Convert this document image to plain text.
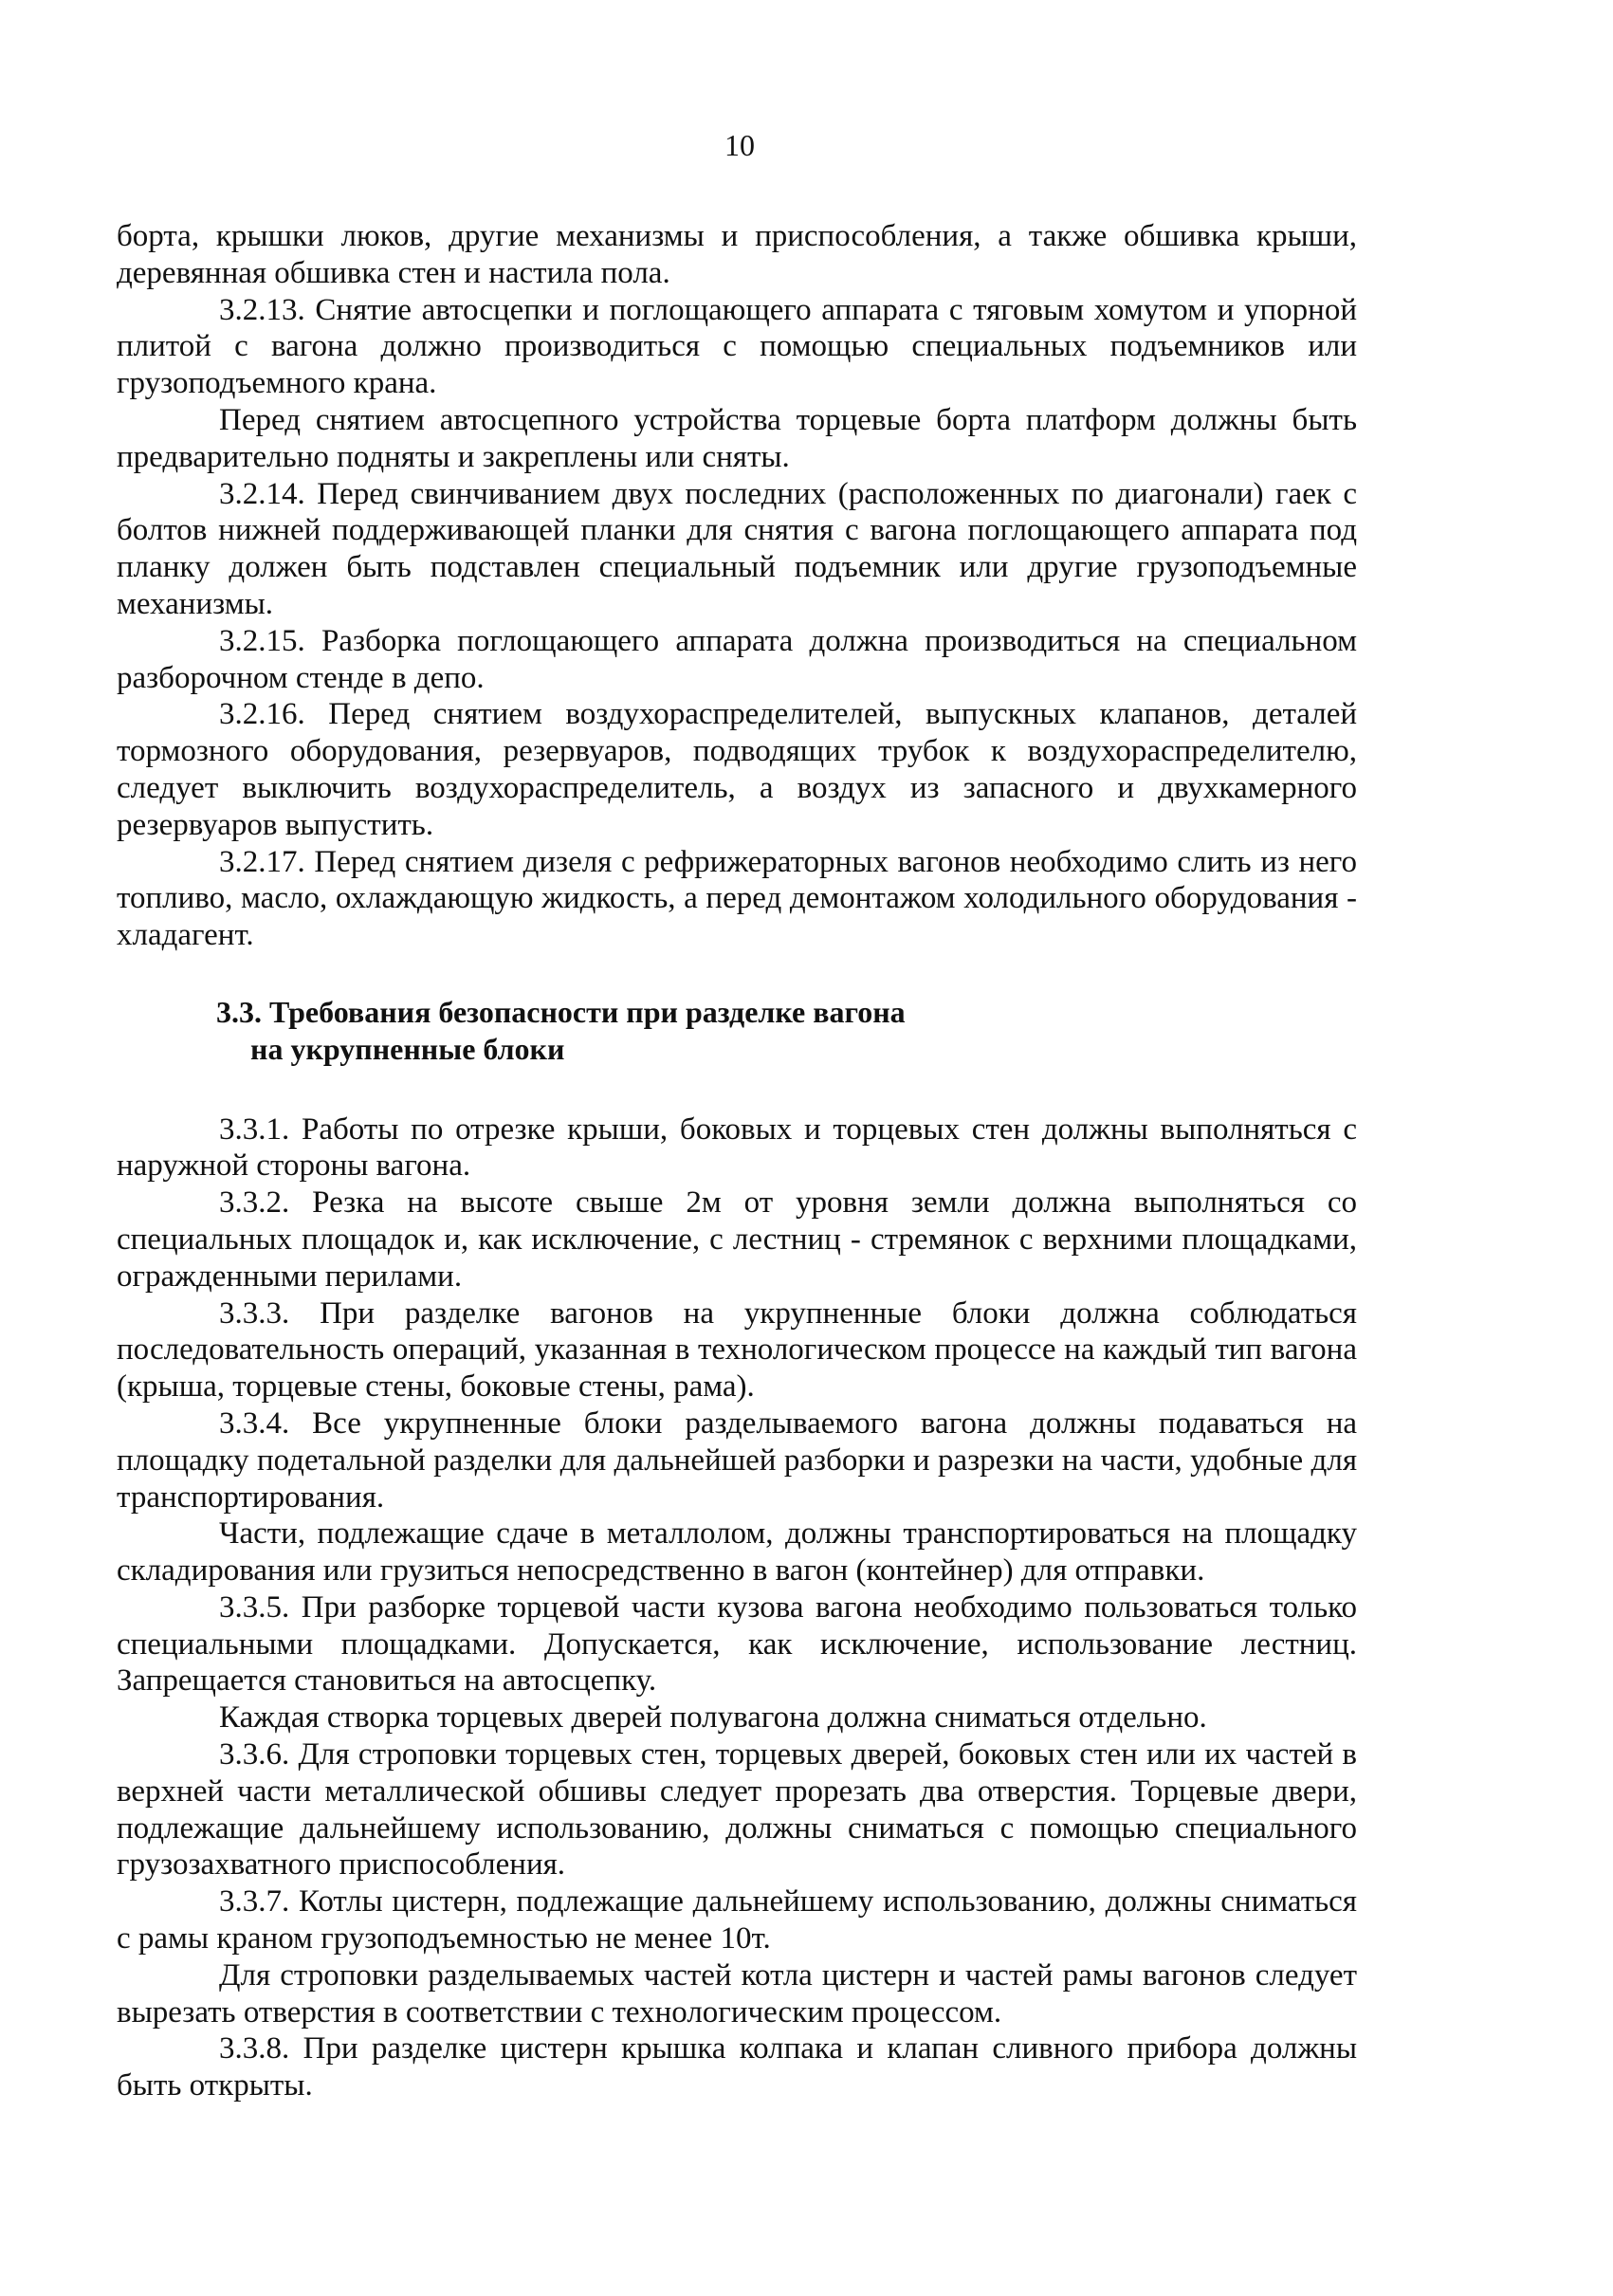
10

борта, крышки люков, другие механизмы и приспособления, а также обшивка крыши, деревянная обшивка стен и настила пола.

3.2.13. Снятие автосцепки и поглощающего аппарата с тяговым хомутом и упорной плитой с вагона должно производиться с помощью специальных подъемников или грузоподъемного крана.

Перед снятием автосцепного устройства торцевые борта платформ должны быть предварительно подняты и закреплены или сняты.

3.2.14. Перед свинчиванием двух последних (расположенных по диагонали) гаек с болтов нижней поддерживающей планки для снятия с вагона поглощающего аппарата под планку должен быть подставлен специальный подъемник или другие грузоподъемные механизмы.

3.2.15. Разборка поглощающего аппарата должна производиться на специальном разборочном стенде в депо.

3.2.16. Перед снятием воздухораспределителей, выпускных клапанов, деталей тормозного оборудования, резервуаров, подводящих трубок к воздухораспределителю, следует выключить воздухораспределитель, а воздух из запасного и двухкамерного резервуаров выпустить.

3.2.17. Перед снятием дизеля с рефрижераторных вагонов необходимо слить из него топливо, масло, охлаждающую жидкость, а перед демонтажом холодильного оборудования - хладагент.

3.3. Требования безопасности при разделке вагона
на укрупненные блоки

3.3.1. Работы по отрезке крыши, боковых и торцевых стен должны выполняться с наружной стороны вагона.

3.3.2. Резка на высоте свыше 2м от уровня земли должна выполняться со специальных площадок и, как исключение, с лестниц - стремянок с верхними площадками, огражденными перилами.

3.3.3. При разделке вагонов на укрупненные блоки должна соблюдаться последовательность операций, указанная в технологическом процессе на каждый тип вагона (крыша, торцевые стены, боковые стены, рама).

3.3.4. Все укрупненные блоки разделываемого вагона должны подаваться на площадку подетальной разделки для дальнейшей разборки и разрезки на части, удобные для транспортирования.

Части, подлежащие сдаче в металлолом, должны транспортироваться на площадку складирования или грузиться непосредственно в вагон (контейнер) для отправки.

3.3.5. При разборке торцевой части кузова вагона необходимо пользоваться только специальными площадками. Допускается, как исключение, использование лестниц. Запрещается становиться на автосцепку.

Каждая створка торцевых дверей полувагона должна сниматься отдельно.

3.3.6. Для строповки торцевых стен, торцевых дверей, боковых стен или их частей в верхней части металлической обшивы следует прорезать два отверстия. Торцевые двери, подлежащие дальнейшему использованию, должны сниматься с помощью специального грузозахватного приспособления.

3.3.7. Котлы цистерн, подлежащие дальнейшему использованию, должны сниматься с рамы краном грузоподъемностью не менее 10т.

Для строповки разделываемых частей котла цистерн и частей рамы вагонов следует вырезать отверстия в соответствии с технологическим процессом.

3.3.8. При разделке цистерн крышка колпака и клапан сливного прибора должны быть открыты.
